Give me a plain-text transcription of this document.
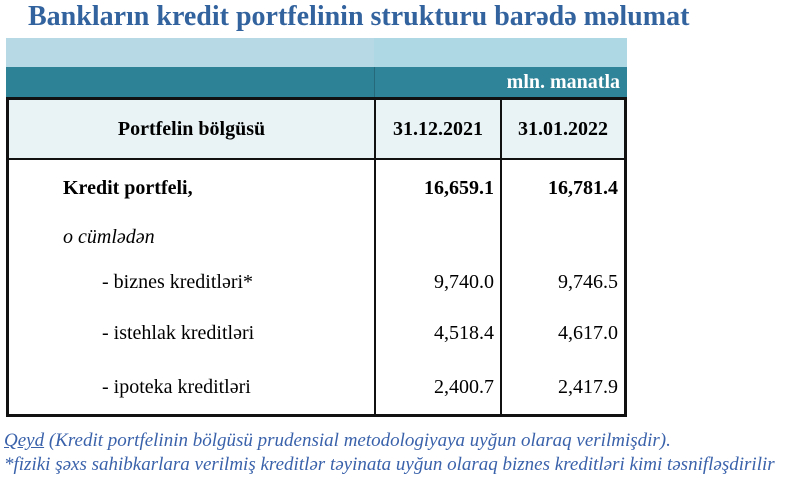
Bankların kredit portfelinin strukturu barədə məlumat
mln. manatla
Portfelin bölgüsü	31.12.2021	31.01.2022
Kredit portfeli,	16,659.1	16,781.4
o cümlədən
- biznes kreditləri*	9,740.0	9,746.5
- istehlak kreditləri	4,518.4	4,617.0
- ipoteka kreditləri	2,400.7	2,417.9
Qeyd (Kredit portfelinin bölgüsü prudensial metodologiyaya uyğun olaraq verilmişdir).
*fiziki şəxs sahibkarlara verilmiş kreditlər təyinata uyğun olaraq biznes kreditləri kimi təsnifləşdirilir
